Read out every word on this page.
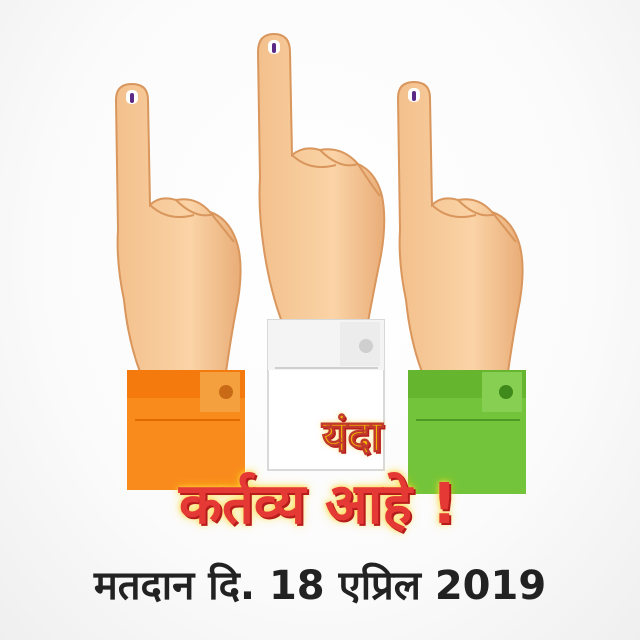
यंदा
कर्तव्य आहे !
मतदान दि. 18 एप्रिल 2019
